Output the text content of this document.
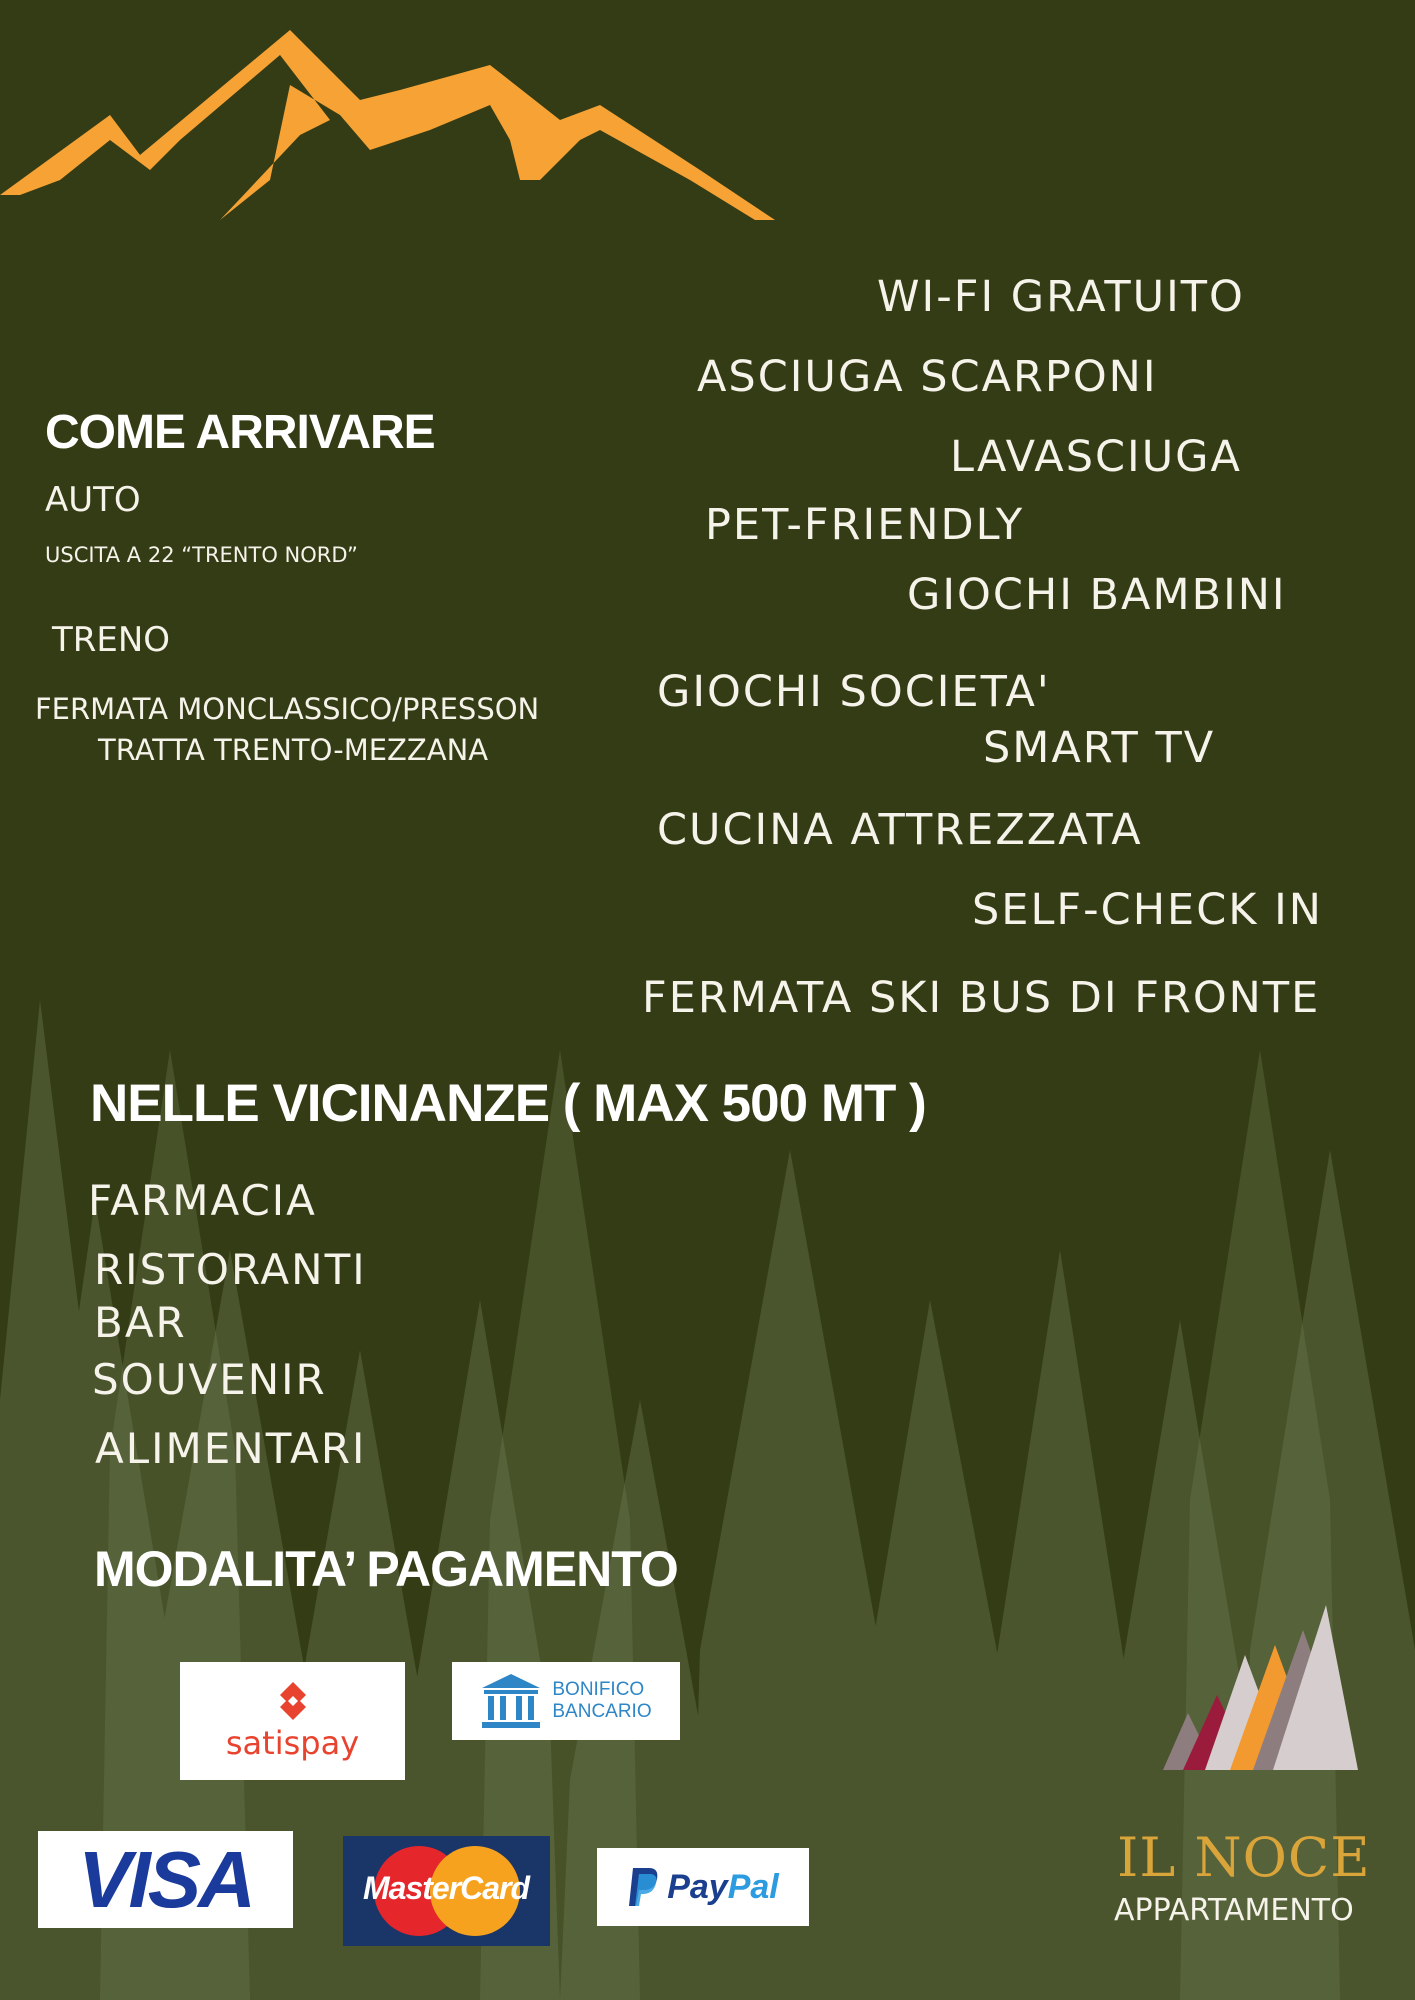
WI-FI GRATUITO
ASCIUGA SCARPONI
LAVASCIUGA
PET-FRIENDLY
GIOCHI BAMBINI
GIOCHI SOCIETA'
SMART TV
CUCINA ATTREZZATA
SELF-CHECK IN
FERMATA SKI BUS DI FRONTE
COME ARRIVARE
AUTO
USCITA A 22 “TRENTO NORD”
TRENO
FERMATA MONCLASSICO/PRESSON
TRATTA TRENTO-MEZZANA
NELLE VICINANZE ( MAX 500 MT )
FARMACIA
RISTORANTI
BAR
SOUVENIR
ALIMENTARI
MODALITA’ PAGAMENTO
satispay
BONIFICO
BANCARIO
VISA	MasterCard	Pay Pal	IL NOCE
APPARTAMENTO
